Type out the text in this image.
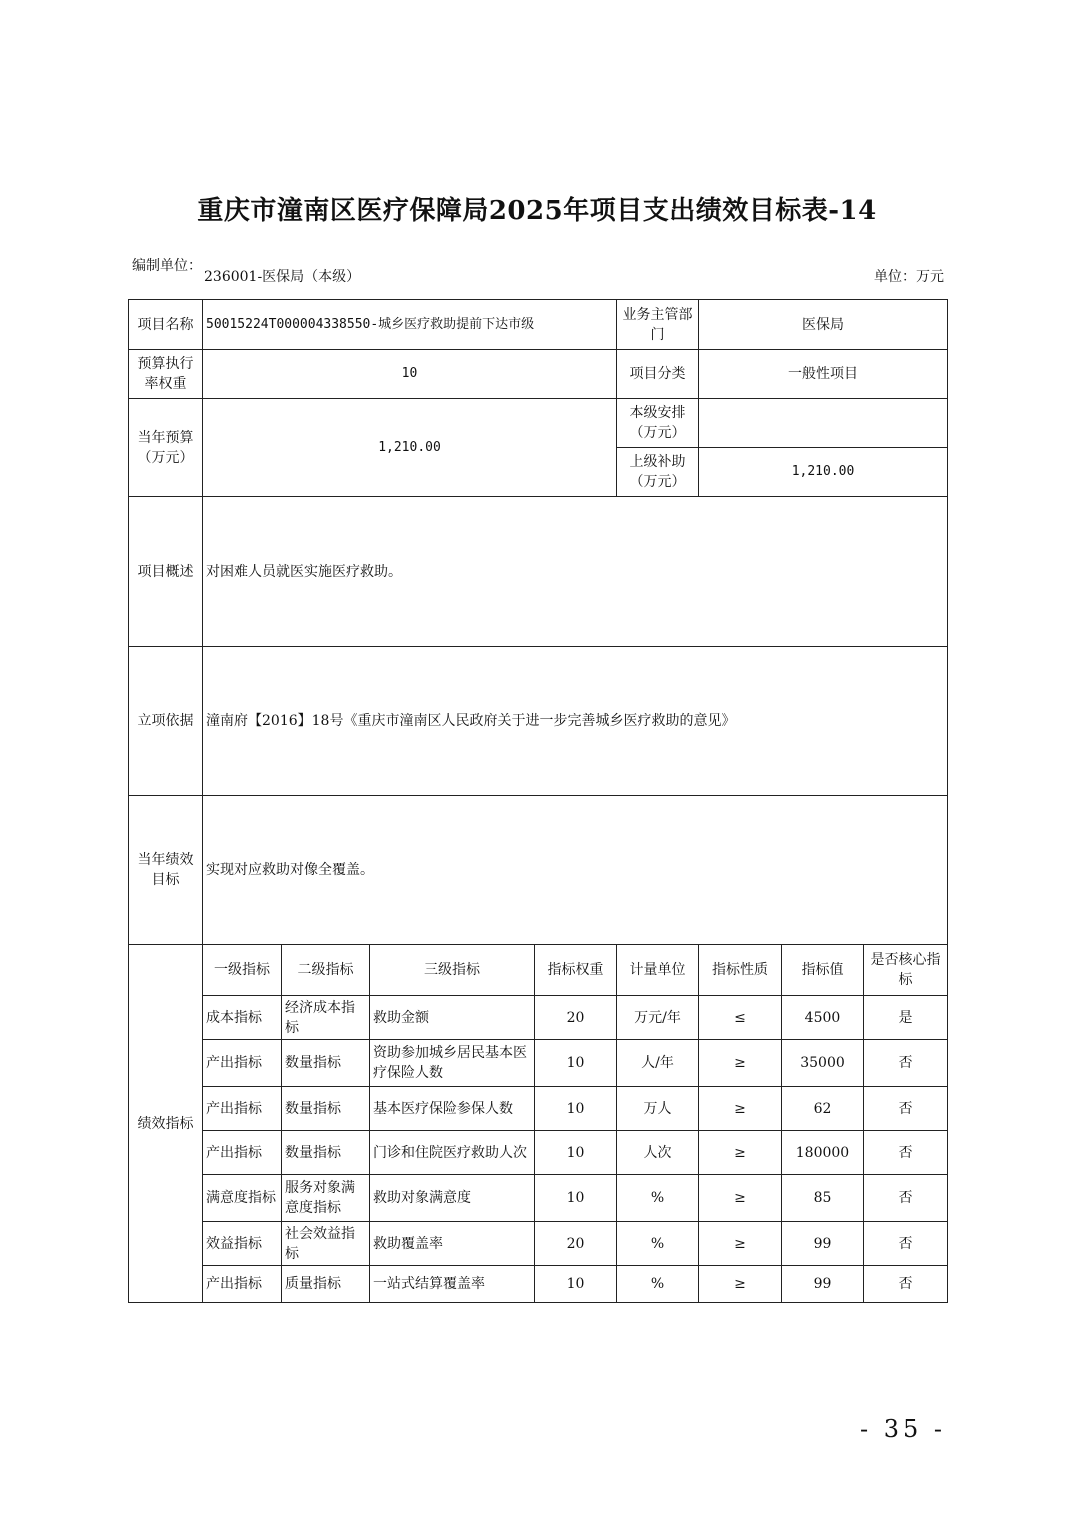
重庆市潼南区医疗保障局2025年项目支出绩效目标表-14
编制单位：
236001-医保局（本级）	单位：万元
项目名称	50015224T000004338550-城乡医疗救助提前下达市级				业务主管部门	医保局		
预算执行率权重	10				项目分类	一般性项目		
当年预算（万元）	1,210.00				本级安排（万元）			
					上级补助（万元）	1,210.00		
项目概述	对困难人员就医实施医疗救助。							
立项依据	潼南府【2016】18号《重庆市潼南区人民政府关于进一步完善城乡医疗救助的意见》							
当年绩效目标	实现对应救助对像全覆盖。							
绩效指标	一级指标	二级指标	三级指标	指标权重	计量单位	指标性质	指标值	是否核心指标
	成本指标	经济成本指标	救助金额	20	万元/年	≤	4500	是
	产出指标	数量指标	资助参加城乡居民基本医疗保险人数	10	人/年	≥	35000	否
	产出指标	数量指标	基本医疗保险参保人数	10	万人	≥	62	否
	产出指标	数量指标	门诊和住院医疗救助人次	10	人次	≥	180000	否
	满意度指标	服务对象满意度指标	救助对象满意度	10	%	≥	85	否
	效益指标	社会效益指标	救助覆盖率	20	%	≥	99	否
	产出指标	质量指标	一站式结算覆盖率	10	%	≥	99	否
- 35 -
